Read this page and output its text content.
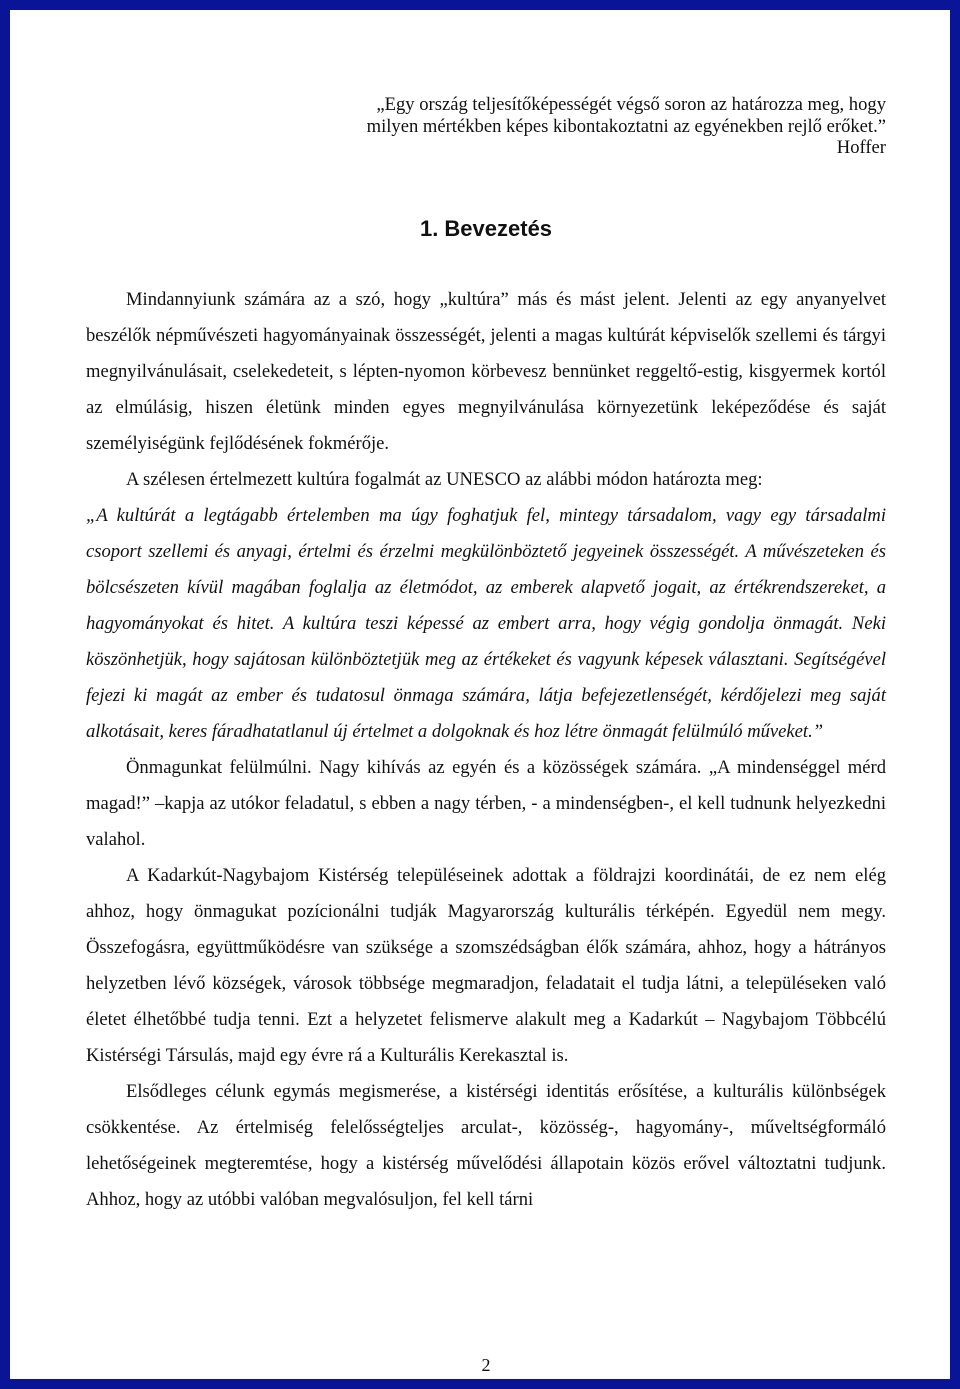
„Egy ország teljesítőképességét végső soron az határozza meg, hogy
milyen mértékben képes kibontakoztatni az egyénekben rejlő erőket.”
Hoffer
1. Bevezetés

Mindannyiunk számára az a szó, hogy „kultúra” más és mást jelent. Jelenti az egy anyanyelvet beszélők népművészeti hagyományainak összességét, jelenti a magas kultúrát képviselők szellemi és tárgyi megnyilvánulásait, cselekedeteit, s lépten-nyomon körbevesz bennünket reggeltő-estig, kisgyermek kortól az elmúlásig, hiszen életünk minden egyes megnyilvánulása környezetünk leképeződése és saját személyiségünk fejlődésének fokmérője.

A szélesen értelmezett kultúra fogalmát az UNESCO az alábbi módon határozta meg:

„A kultúrát a legtágabb értelemben ma úgy foghatjuk fel, mintegy társadalom, vagy egy társadalmi csoport szellemi és anyagi, értelmi és érzelmi megkülönböztető jegyeinek összességét. A művészeteken és bölcsészeten kívül magában foglalja az életmódot, az emberek alapvető jogait, az értékrendszereket, a hagyományokat és hitet. A kultúra teszi képessé az embert arra, hogy végig gondolja önmagát. Neki köszönhetjük, hogy sajátosan különböztetjük meg az értékeket és vagyunk képesek választani. Segítségével fejezi ki magát az ember és tudatosul önmaga számára, látja befejezetlenségét, kérdőjelezi meg saját alkotásait, keres fáradhatatlanul új értelmet a dolgoknak és hoz létre önmagát felülmúló műveket.”

Önmagunkat felülmúlni. Nagy kihívás az egyén és a közösségek számára. „A mindenséggel mérd magad!” –kapja az utókor feladatul, s ebben a nagy térben, - a mindenségben-, el kell tudnunk helyezkedni valahol.

A Kadarkút-Nagybajom Kistérség településeinek adottak a földrajzi koordinátái, de ez nem elég ahhoz, hogy önmagukat pozícionálni tudják Magyarország kulturális térképén. Egyedül nem megy. Összefogásra, együttműködésre van szüksége a szomszédságban élők számára, ahhoz, hogy a hátrányos helyzetben lévő községek, városok többsége megmaradjon, feladatait el tudja látni, a településeken való életet élhetőbbé tudja tenni. Ezt a helyzetet felismerve alakult meg a Kadarkút – Nagybajom Többcélú Kistérségi Társulás, majd egy évre rá a Kulturális Kerekasztal is.

Elsődleges célunk egymás megismerése, a kistérségi identitás erősítése, a kulturális különbségek csökkentése. Az értelmiség felelősségteljes arculat-, közösség-, hagyomány-, műveltségformáló lehetőségeinek megteremtése, hogy a kistérség művelődési állapotain közös erővel változtatni tudjunk. Ahhoz, hogy az utóbbi valóban megvalósuljon, fel kell tárni

2
